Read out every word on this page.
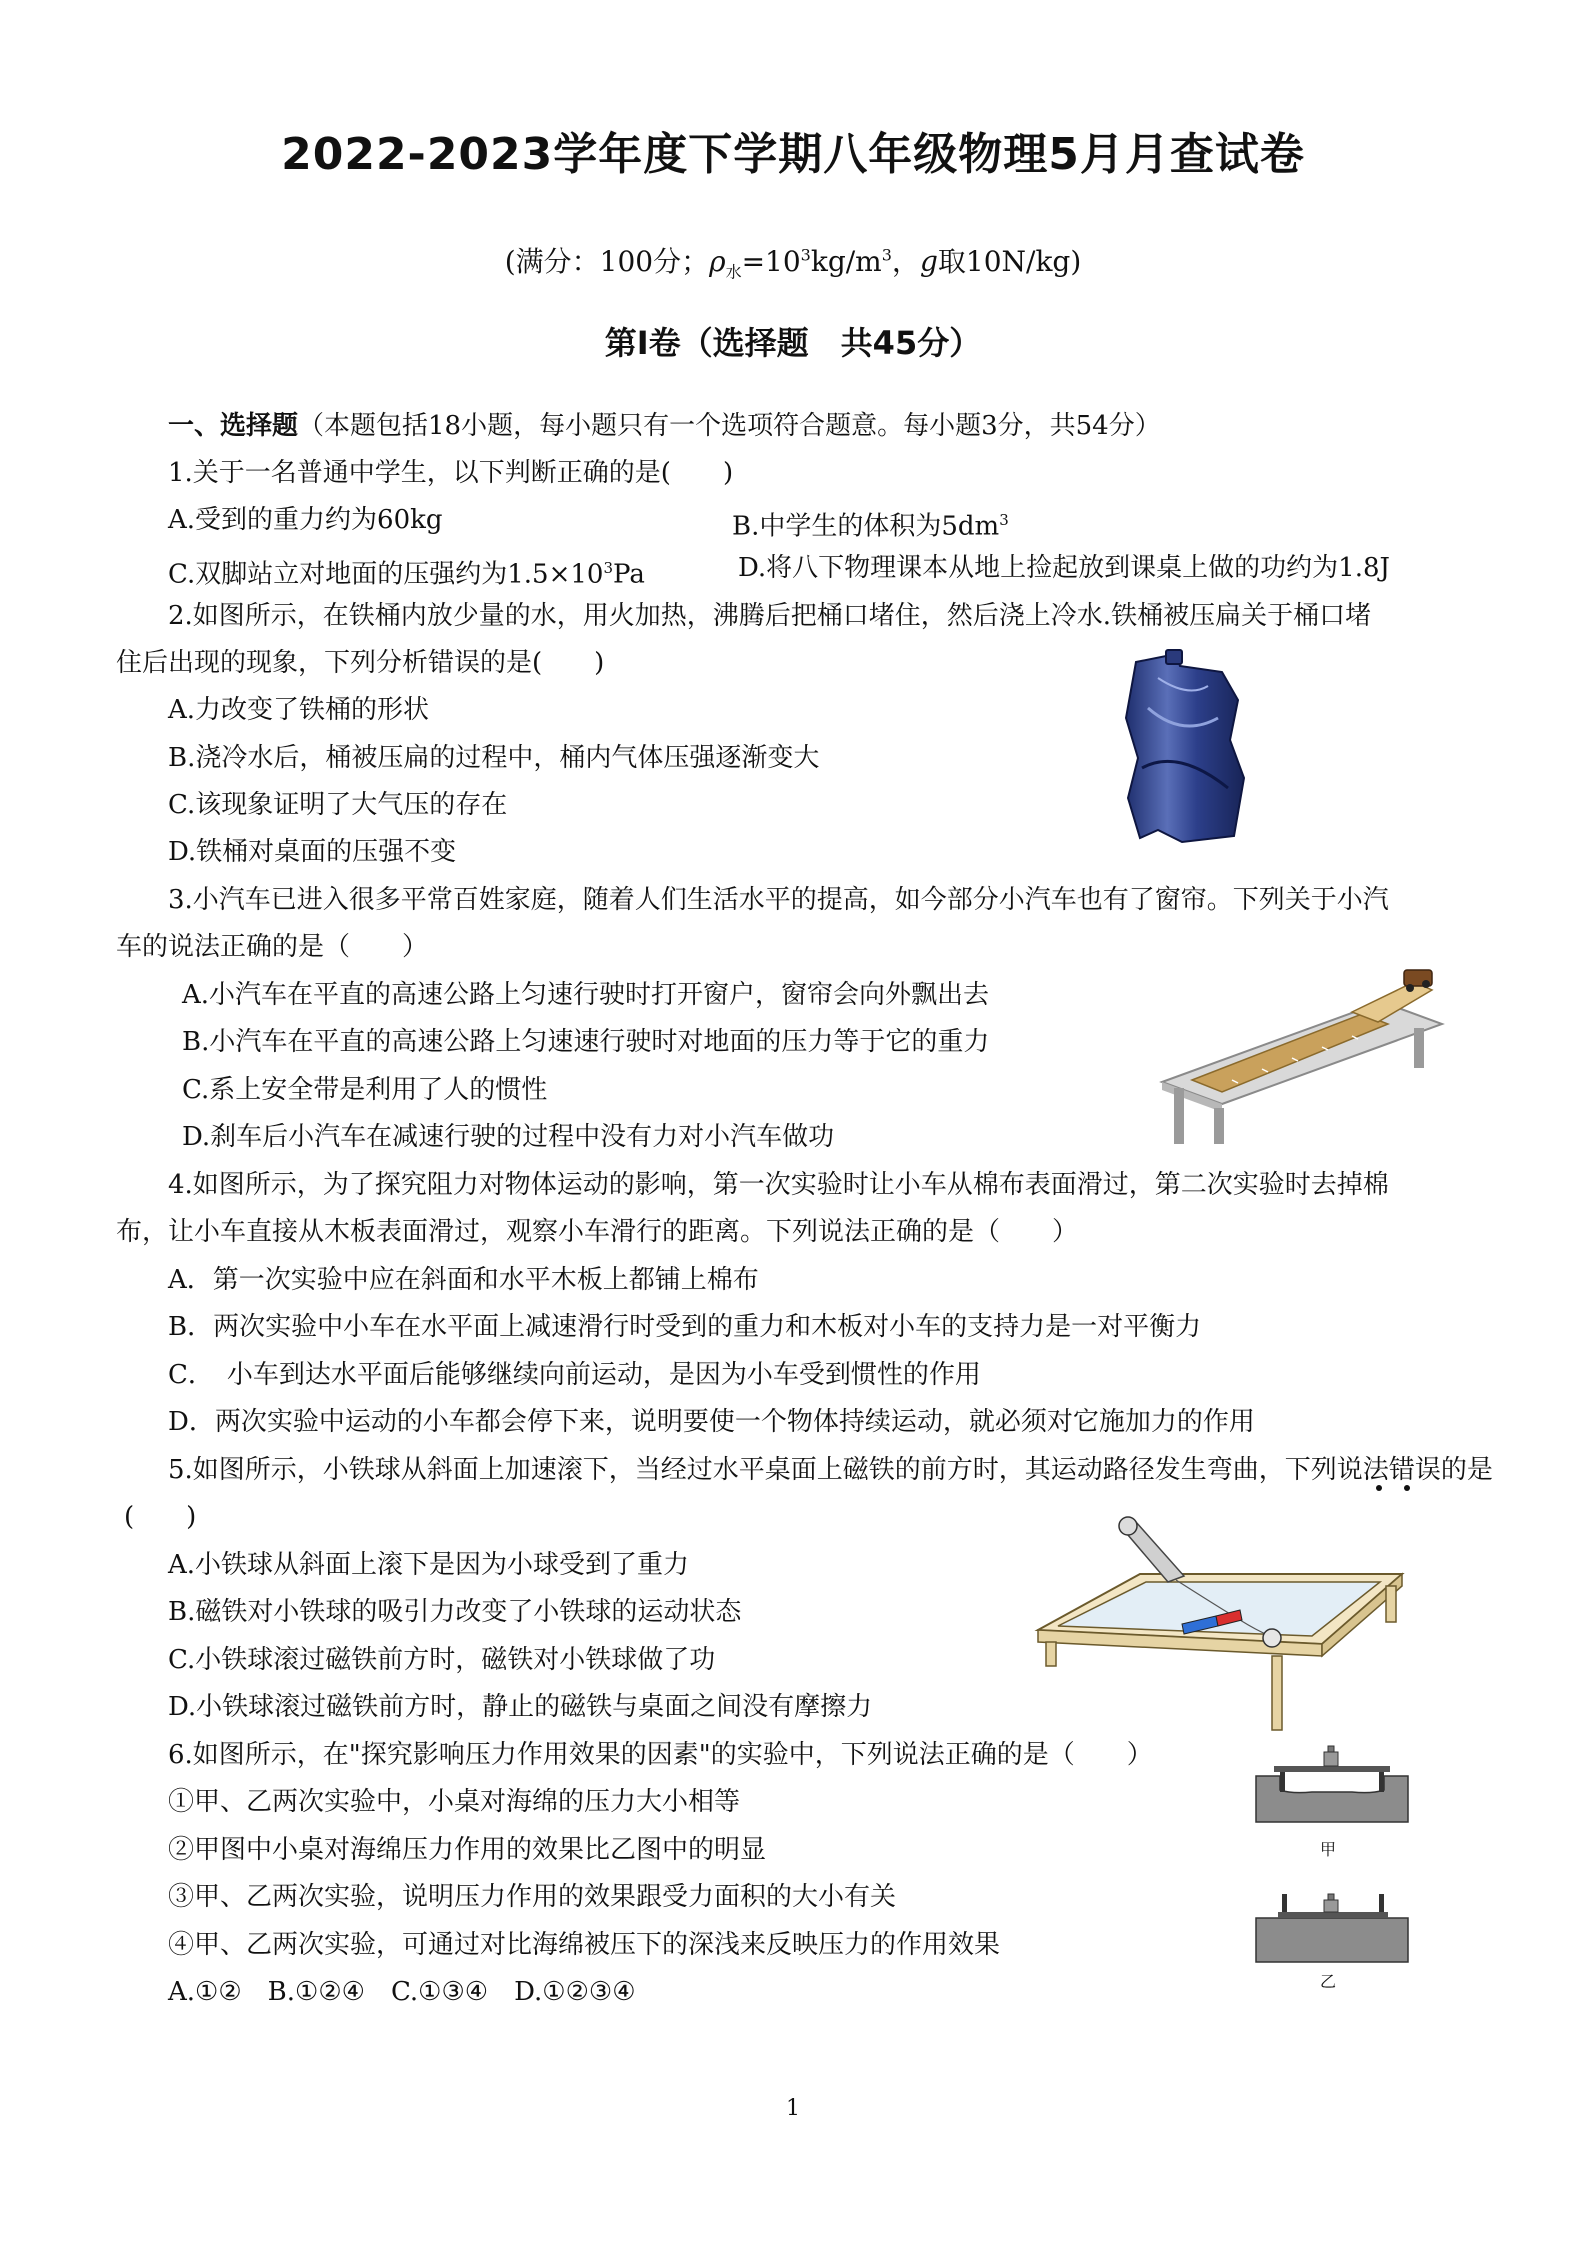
2022-2023学年度下学期八年级物理5月月查试卷
(满分：100分；$\rho_水=10^3kg/m^3$，g取10N/kg)
第Ⅰ卷（选择题　共45分）
一、选择题（本题包括18小题，每小题只有一个选项符合题意。每小题3分，共54分）
1.关于一名普通中学生，以下判断正确的是(　　)
A.受到的重力约为60kg	B.中学生的体积为$5dm^3$
C.双脚站立对地面的压强约为$1.5\times 10^3Pa$	D.将八下物理课本从地上捡起放到课桌上做的功约为1.8J
2.如图所示，在铁桶内放少量的水，用火加热，沸腾后把桶口堵住，然后浇上冷水.铁桶被压扁关于桶口堵
住后出现的现象，下列分析错误的是(　　)
A.力改变了铁桶的形状
B.浇冷水后，桶被压扁的过程中，桶内气体压强逐渐变大
C.该现象证明了大气压的存在
D.铁桶对桌面的压强不变
3.小汽车已进入很多平常百姓家庭，随着人们生活水平的提高，如今部分小汽车也有了窗帘。下列关于小汽
车的说法正确的是（　　）
A.小汽车在平直的高速公路上匀速行驶时打开窗户，窗帘会向外飘出去
B.小汽车在平直的高速公路上匀速速行驶时对地面的压力等于它的重力
C.系上安全带是利用了人的惯性
D.刹车后小汽车在减速行驶的过程中没有力对小汽车做功
4.如图所示，为了探究阻力对物体运动的影响，第一次实验时让小车从棉布表面滑过，第二次实验时去掉棉
布，让小车直接从木板表面滑过，观察小车滑行的距离。下列说法正确的是（　　）
A．第一次实验中应在斜面和水平木板上都铺上棉布
B．两次实验中小车在水平面上减速滑行时受到的重力和木板对小车的支持力是一对平衡力
C．　小车到达水平面后能够继续向前运动，是因为小车受到惯性的作用
D．两次实验中运动的小车都会停下来，说明要使一个物体持续运动，就必须对它施加力的作用
5.如图所示，小铁球从斜面上加速滚下，当经过水平桌面上磁铁的前方时，其运动路径发生弯曲，下列说法错误的是
(　　)
A.小铁球从斜面上滚下是因为小球受到了重力
B.磁铁对小铁球的吸引力改变了小铁球的运动状态
C.小铁球滚过磁铁前方时，磁铁对小铁球做了功
D.小铁球滚过磁铁前方时，静止的磁铁与桌面之间没有摩擦力
6.如图所示，在"探究影响压力作用效果的因素"的实验中，下列说法正确的是（　　）
①甲、乙两次实验中，小桌对海绵的压力大小相等
②甲图中小桌对海绵压力作用的效果比乙图中的明显
③甲、乙两次实验，说明压力作用的效果跟受力面积的大小有关
④甲、乙两次实验，可通过对比海绵被压下的深浅来反映压力的作用效果
A.①②　B.①②④　C.①③④　D.①②③④
甲
乙
1
